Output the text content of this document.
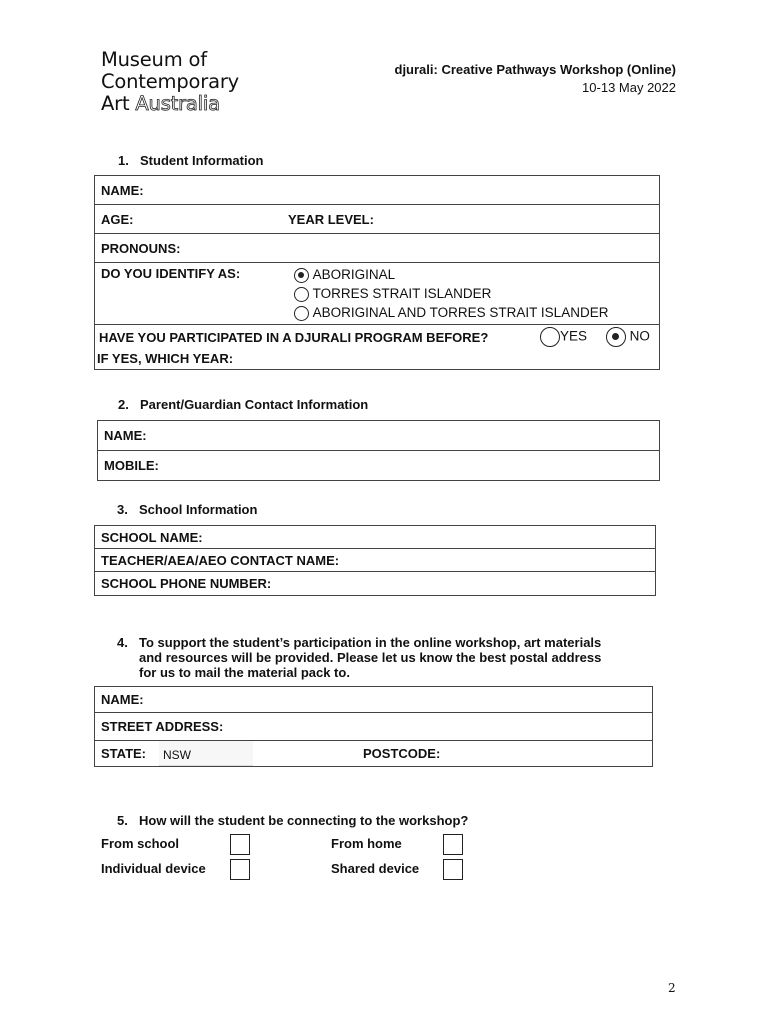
Museum of
Contemporary
Art Australia
djurali: Creative Pathways Workshop (Online)
10-13 May 2022
1. Student Information
NAME:
AGE:	YEAR LEVEL:

PRONOUNS:
DO YOU IDENTIFY AS:	ABORIGINAL
TORRES STRAIT ISLANDER
ABORIGINAL AND TORRES STRAIT ISLANDER

HAVE YOU PARTICIPATED IN A DJURALI PROGRAM BEFORE?	YES	NO
IF YES, WHICH YEAR:
2. Parent/Guardian Contact Information
NAME:
MOBILE:
3. School Information
SCHOOL NAME:
TEACHER/AEA/AEO CONTACT NAME:
SCHOOL PHONE NUMBER:
4. To support the student’s participation in the online workshop, art materials
and resources will be provided. Please let us know the best postal address
for us to mail the material pack to.
NAME:
STREET ADDRESS:
STATE:	NSW	POSTCODE:
5. How will the student be connecting to the workshop?
From school	From home
Individual device	Shared device
2
